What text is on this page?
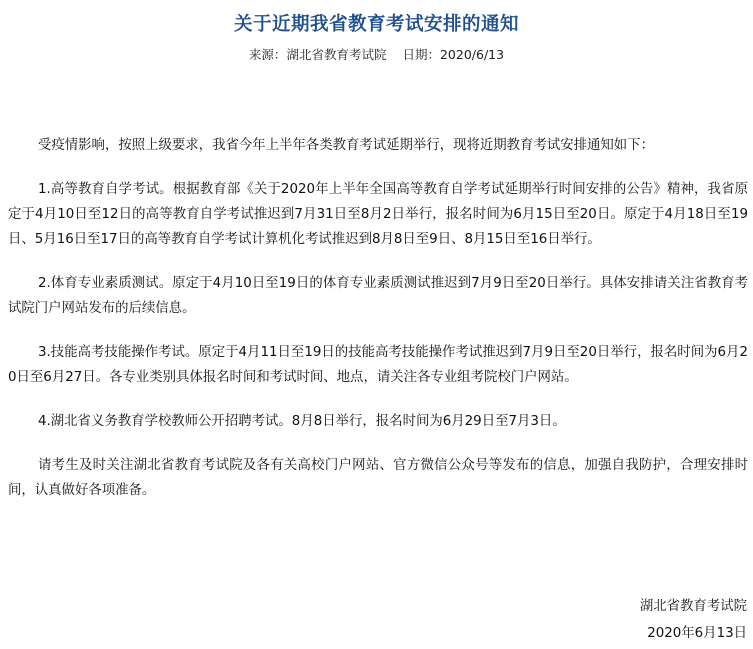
关于近期我省教育考试安排的通知
来源：湖北省教育考试院 日期：2020/6/13

受疫情影响，按照上级要求，我省今年上半年各类教育考试延期举行，现将近期教育考试安排通知如下：

1.高等教育自学考试。根据教育部《关于2020年上半年全国高等教育自学考试延期举行时间安排的公告》精神，我省原定于4月10日至12日的高等教育自学考试推迟到7月31日至8月2日举行，报名时间为6月15日至20日。原定于4月18日至19日、5月16日至17日的高等教育自学考试计算机化考试推迟到8月8日至9日、8月15日至16日举行。

2.体育专业素质测试。原定于4月10日至19日的体育专业素质测试推迟到7月9日至20日举行。具体安排请关注省教育考试院门户网站发布的后续信息。

3.技能高考技能操作考试。原定于4月11日至19日的技能高考技能操作考试推迟到7月9日至20日举行，报名时间为6月20日至6月27日。各专业类别具体报名时间和考试时间、地点，请关注各专业组考院校门户网站。

4.湖北省义务教育学校教师公开招聘考试。8月8日举行，报名时间为6月29日至7月3日。

请考生及时关注湖北省教育考试院及各有关高校门户网站、官方微信公众号等发布的信息，加强自我防护，合理安排时间，认真做好各项准备。

湖北省教育考试院
2020年6月13日
